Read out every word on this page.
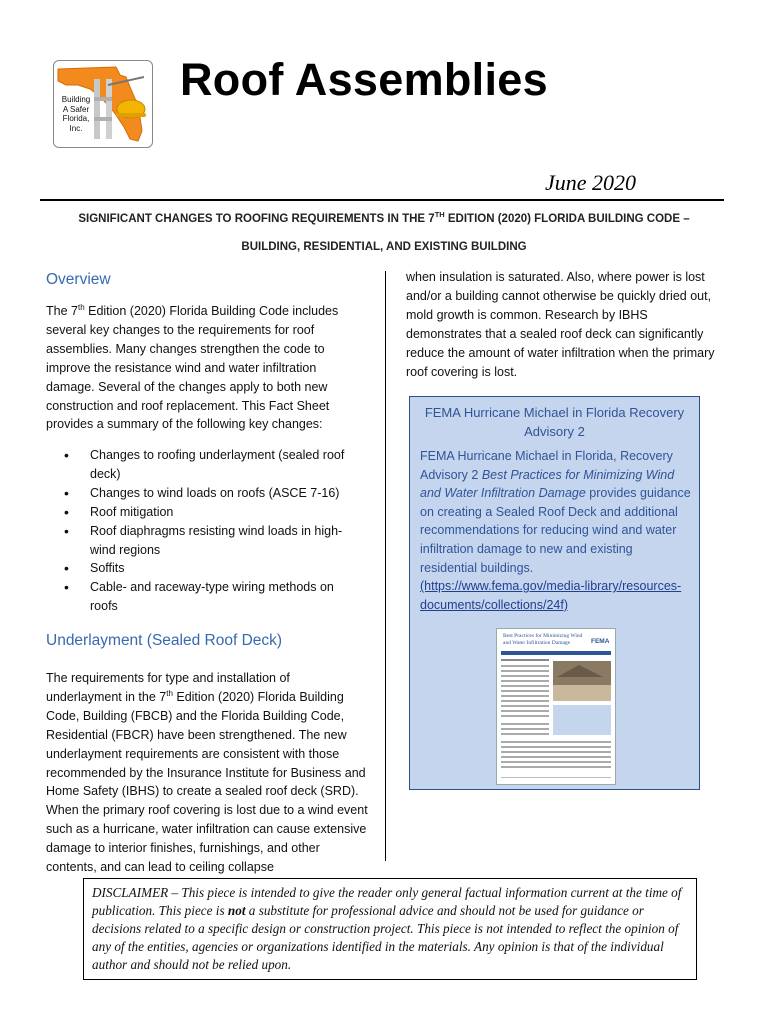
Building
A Safer
Florida,
Inc.
Roof Assemblies
June 2020
SIGNIFICANT CHANGES TO ROOFING REQUIREMENTS IN THE 7TH EDITION (2020) FLORIDA BUILDING CODE –
BUILDING, RESIDENTIAL, AND EXISTING BUILDING
Overview
The 7th Edition (2020) Florida Building Code includes several key changes to the requirements for roof assemblies. Many changes strengthen the code to improve the resistance wind and water infiltration damage. Several of the changes apply to both new construction and roof replacement. This Fact Sheet provides a summary of the following key changes:
• Changes to roofing underlayment (sealed roof deck)
• Changes to wind loads on roofs (ASCE 7-16)
• Roof mitigation
• Roof diaphragms resisting wind loads in high-wind regions
• Soffits
• Cable- and raceway-type wiring methods on roofs
Underlayment (Sealed Roof Deck)
The requirements for type and installation of underlayment in the 7th Edition (2020) Florida Building Code, Building (FBCB) and the Florida Building Code, Residential (FBCR) have been strengthened. The new underlayment requirements are consistent with those recommended by the Insurance Institute for Business and Home Safety (IBHS) to create a sealed roof deck (SRD). When the primary roof covering is lost due to a wind event such as a hurricane, water infiltration can cause extensive damage to interior finishes, furnishings, and other contents, and can lead to ceiling collapse
when insulation is saturated. Also, where power is lost and/or a building cannot otherwise be quickly dried out, mold growth is common. Research by IBHS demonstrates that a sealed roof deck can significantly reduce the amount of water infiltration when the primary roof covering is lost.
FEMA Hurricane Michael in Florida Recovery
Advisory 2
FEMA Hurricane Michael in Florida, Recovery Advisory 2 Best Practices for Minimizing Wind and Water Infiltration Damage provides guidance on creating a Sealed Roof Deck and additional recommendations for reducing wind and water infiltration damage to new and existing residential buildings.
(https://www.fema.gov/media-library/resources-documents/collections/24f)
Best Practices for Minimizing Wind and Water Infiltration Damage	FEMA
DISCLAIMER – This piece is intended to give the reader only general factual information current at the time of publication. This piece is not a substitute for professional advice and should not be used for guidance or decisions related to a specific design or construction project. This piece is not intended to reflect the opinion of any of the entities, agencies or organizations identified in the materials. Any opinion is that of the individual author and should not be relied upon.
